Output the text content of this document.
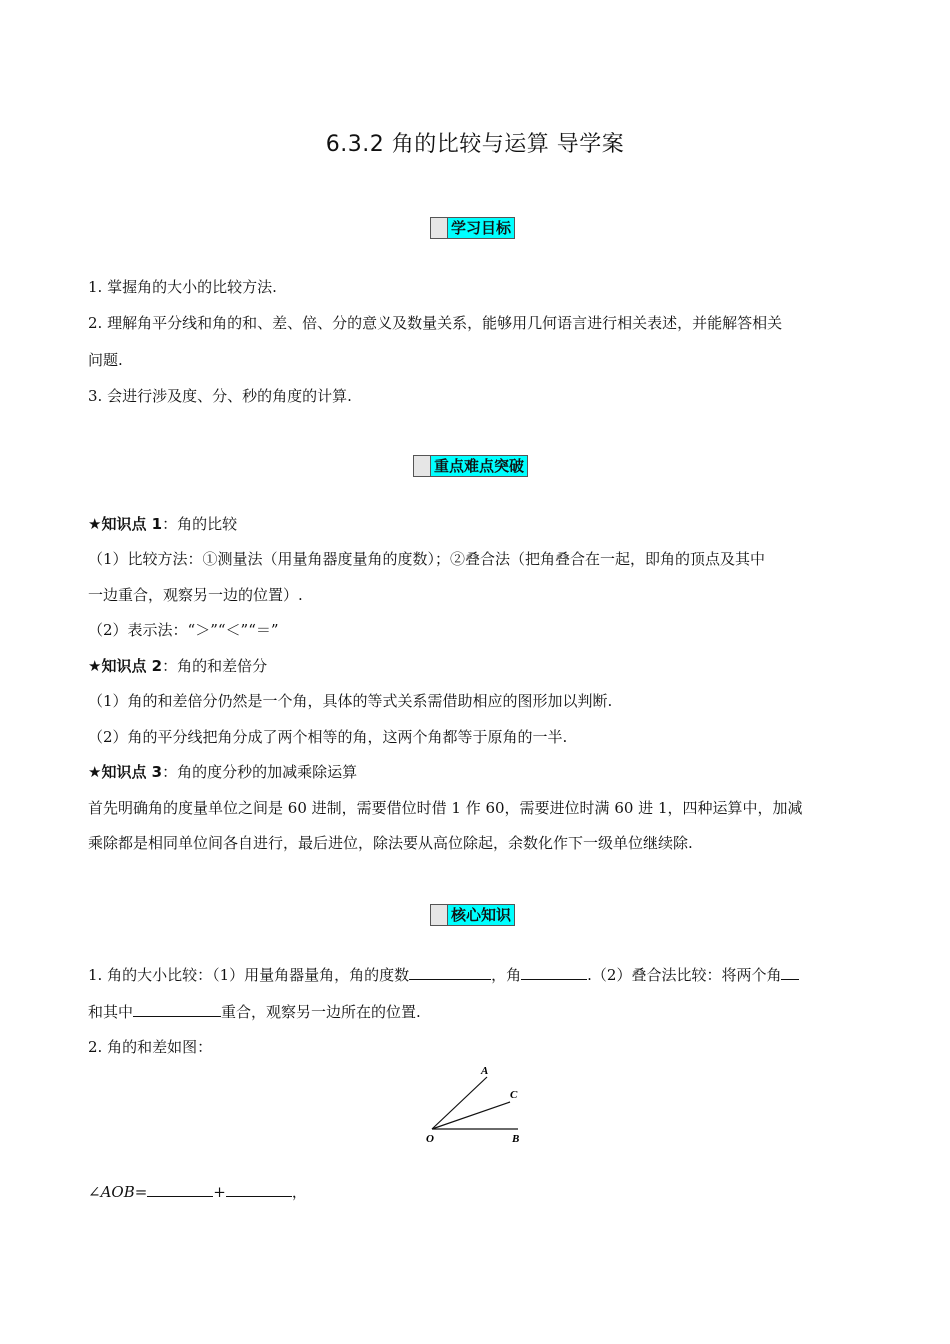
6.3.2 角的比较与运算 导学案
学习目标
1. 掌握角的大小的比较方法.
2. 理解角平分线和角的和、差、倍、分的意义及数量关系，能够用几何语言进行相关表述，并能解答相关
问题.
3. 会进行涉及度、分、秒的角度的计算.
重点难点突破
★知识点 1：角的比较
（1）比较方法：①测量法（用量角器度量角的度数）；②叠合法（把角叠合在一起，即角的顶点及其中
一边重合，观察另一边的位置）.
（2）表示法：“＞”“＜”“＝”
★知识点 2：角的和差倍分
（1）角的和差倍分仍然是一个角，具体的等式关系需借助相应的图形加以判断.
（2）角的平分线把角分成了两个相等的角，这两个角都等于原角的一半.
★知识点 3：角的度分秒的加减乘除运算
首先明确角的度量单位之间是 60 进制，需要借位时借 1 作 60，需要进位时满 60 进 1，四种运算中，加减
乘除都是相同单位间各自进行，最后进位，除法要从高位除起，余数化作下一级单位继续除.
核心知识
1. 角的大小比较：（1）用量角器量角，角的度数	，角	.（2）叠合法比较：将两个角
和其中	重合，观察另一边所在的位置.
2. 角的和差如图：
A
C
O	B
∠AOB=	+	，
